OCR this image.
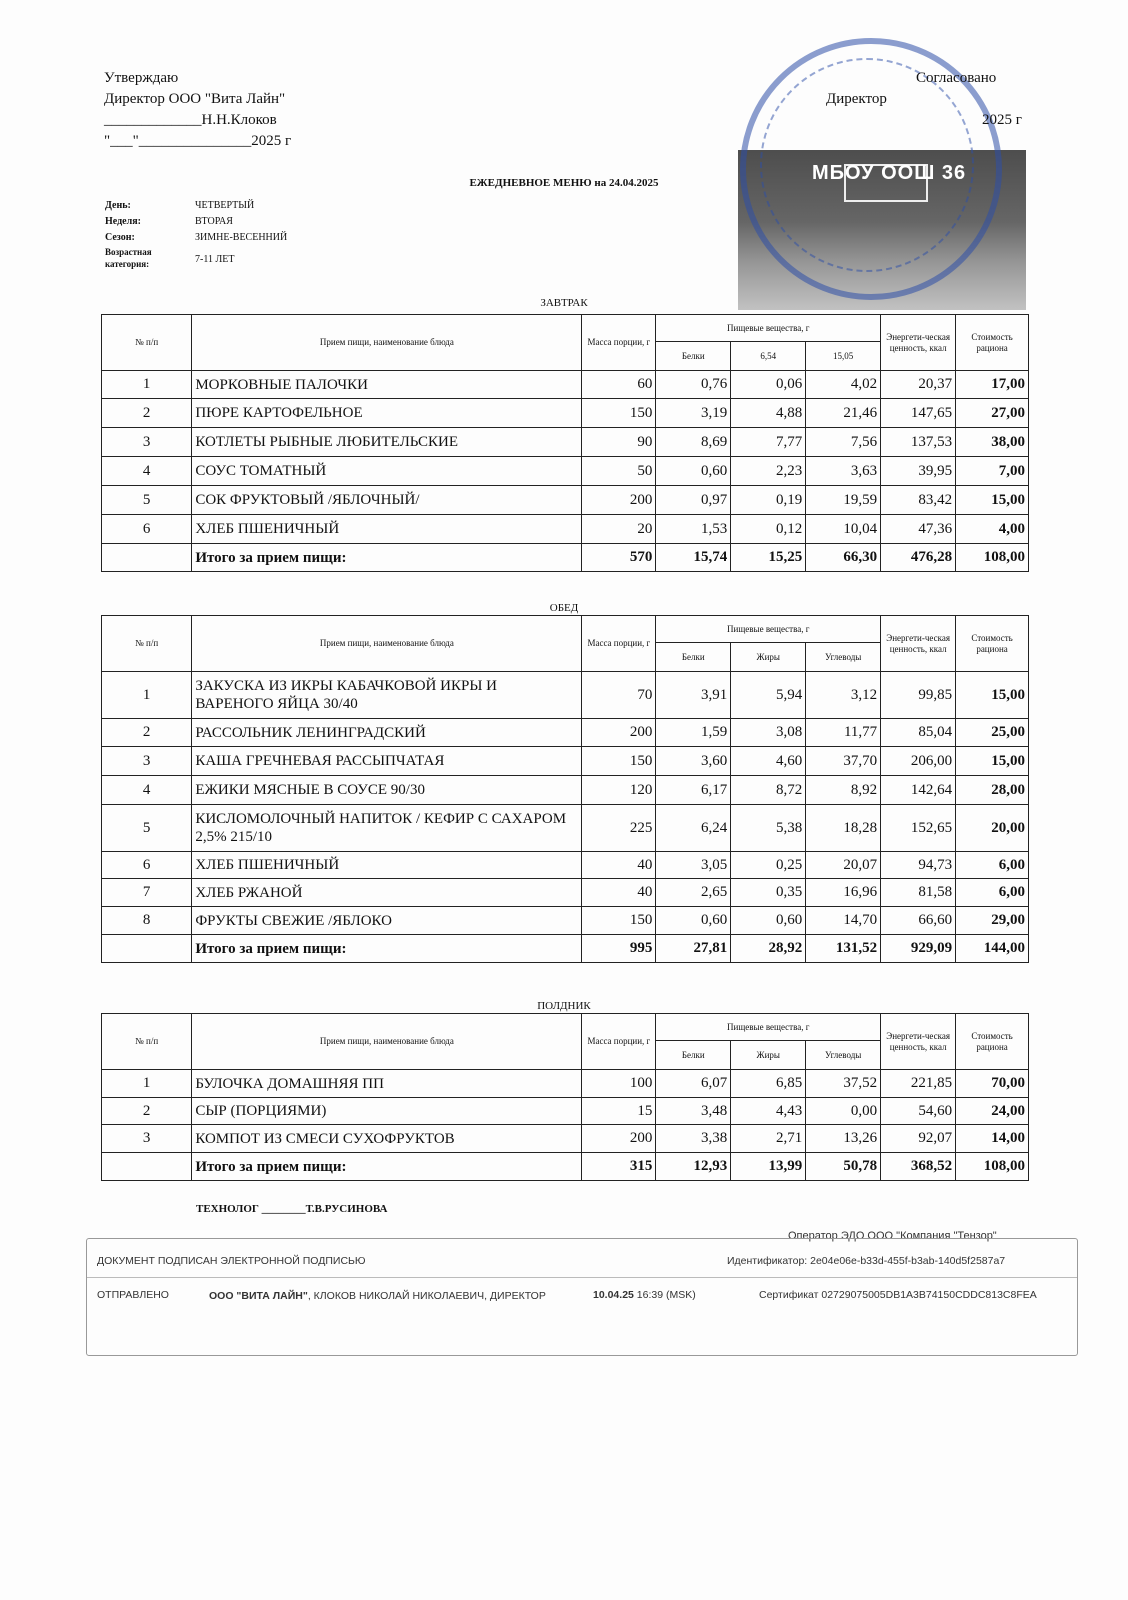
МБОУ ООШ 36
Утверждаю
Директор ООО "Вита Лайн"
_____________Н.Н.Клоков
"___"_______________2025 г
Согласовано
Директор
2025 г
ЕЖЕДНЕВНОЕ МЕНЮ на 24.04.2025
День:	ЧЕТВЕРТЫЙ
Неделя:	ВТОРАЯ
Сезон:	ЗИМНЕ-ВЕСЕННИЙ
Возрастная категория:	7-11 ЛЕТ
ЗАВТРАК
ОБЕД
ПОЛДНИК
№ п/п	Прием пищи, наименование блюда	Масса порции, г	Пищевые вещества, г			Энергети-ческая ценность, ккал	Стоимость рациона
			Белки	6,54	15,05		
1	МОРКОВНЫЕ ПАЛОЧКИ	60	0,76	0,06	4,02	20,37	17,00
2	ПЮРЕ КАРТОФЕЛЬНОЕ	150	3,19	4,88	21,46	147,65	27,00
3	КОТЛЕТЫ РЫБНЫЕ ЛЮБИТЕЛЬСКИЕ	90	8,69	7,77	7,56	137,53	38,00
4	СОУС ТОМАТНЫЙ	50	0,60	2,23	3,63	39,95	7,00
5	СОК ФРУКТОВЫЙ /ЯБЛОЧНЫЙ/	200	0,97	0,19	19,59	83,42	15,00
6	ХЛЕБ ПШЕНИЧНЫЙ	20	1,53	0,12	10,04	47,36	4,00
	Итого за прием пищи:	570	15,74	15,25	66,30	476,28	108,00
№ п/п	Прием пищи, наименование блюда	Масса порции, г	Пищевые вещества, г			Энергети-ческая ценность, ккал	Стоимость рациона
			Белки	Жиры	Углеводы		
1	ЗАКУСКА ИЗ ИКРЫ КАБАЧКОВОЙ ИКРЫ И ВАРЕНОГО ЯЙЦА 30/40	70	3,91	5,94	3,12	99,85	15,00
2	РАССОЛЬНИК ЛЕНИНГРАДСКИЙ	200	1,59	3,08	11,77	85,04	25,00
3	КАША ГРЕЧНЕВАЯ РАССЫПЧАТАЯ	150	3,60	4,60	37,70	206,00	15,00
4	ЕЖИКИ МЯСНЫЕ В СОУСЕ 90/30	120	6,17	8,72	8,92	142,64	28,00
5	КИСЛОМОЛОЧНЫЙ НАПИТОК / КЕФИР С САХАРОМ 2,5% 215/10	225	6,24	5,38	18,28	152,65	20,00
6	ХЛЕБ ПШЕНИЧНЫЙ	40	3,05	0,25	20,07	94,73	6,00
7	ХЛЕБ РЖАНОЙ	40	2,65	0,35	16,96	81,58	6,00
8	ФРУКТЫ СВЕЖИЕ /ЯБЛОКО	150	0,60	0,60	14,70	66,60	29,00
	Итого за прием пищи:	995	27,81	28,92	131,52	929,09	144,00
№ п/п	Прием пищи, наименование блюда	Масса порции, г	Пищевые вещества, г			Энергети-ческая ценность, ккал	Стоимость рациона
			Белки	Жиры	Углеводы		
1	БУЛОЧКА ДОМАШНЯЯ ПП	100	6,07	6,85	37,52	221,85	70,00
2	СЫР (ПОРЦИЯМИ)	15	3,48	4,43	0,00	54,60	24,00
3	КОМПОТ ИЗ СМЕСИ СУХОФРУКТОВ	200	3,38	2,71	13,26	92,07	14,00
	Итого за прием пищи:	315	12,93	13,99	50,78	368,52	108,00
ТЕХНОЛОГ ________Т.В.РУСИНОВА
Оператор ЭДО ООО "Компания "Тензор"
ДОКУМЕНТ ПОДПИСАН ЭЛЕКТРОННОЙ ПОДПИСЬЮ	Идентификатор: 2e04e06e-b33d-455f-b3ab-140d5f2587a7
ОТПРАВЛЕНО	ООО "ВИТА ЛАЙН", КЛОКОВ НИКОЛАЙ НИКОЛАЕВИЧ, ДИРЕКТОР	10.04.25 16:39 (MSK)	Сертификат 02729075005DB1A3B74150CDDC813C8FEA
